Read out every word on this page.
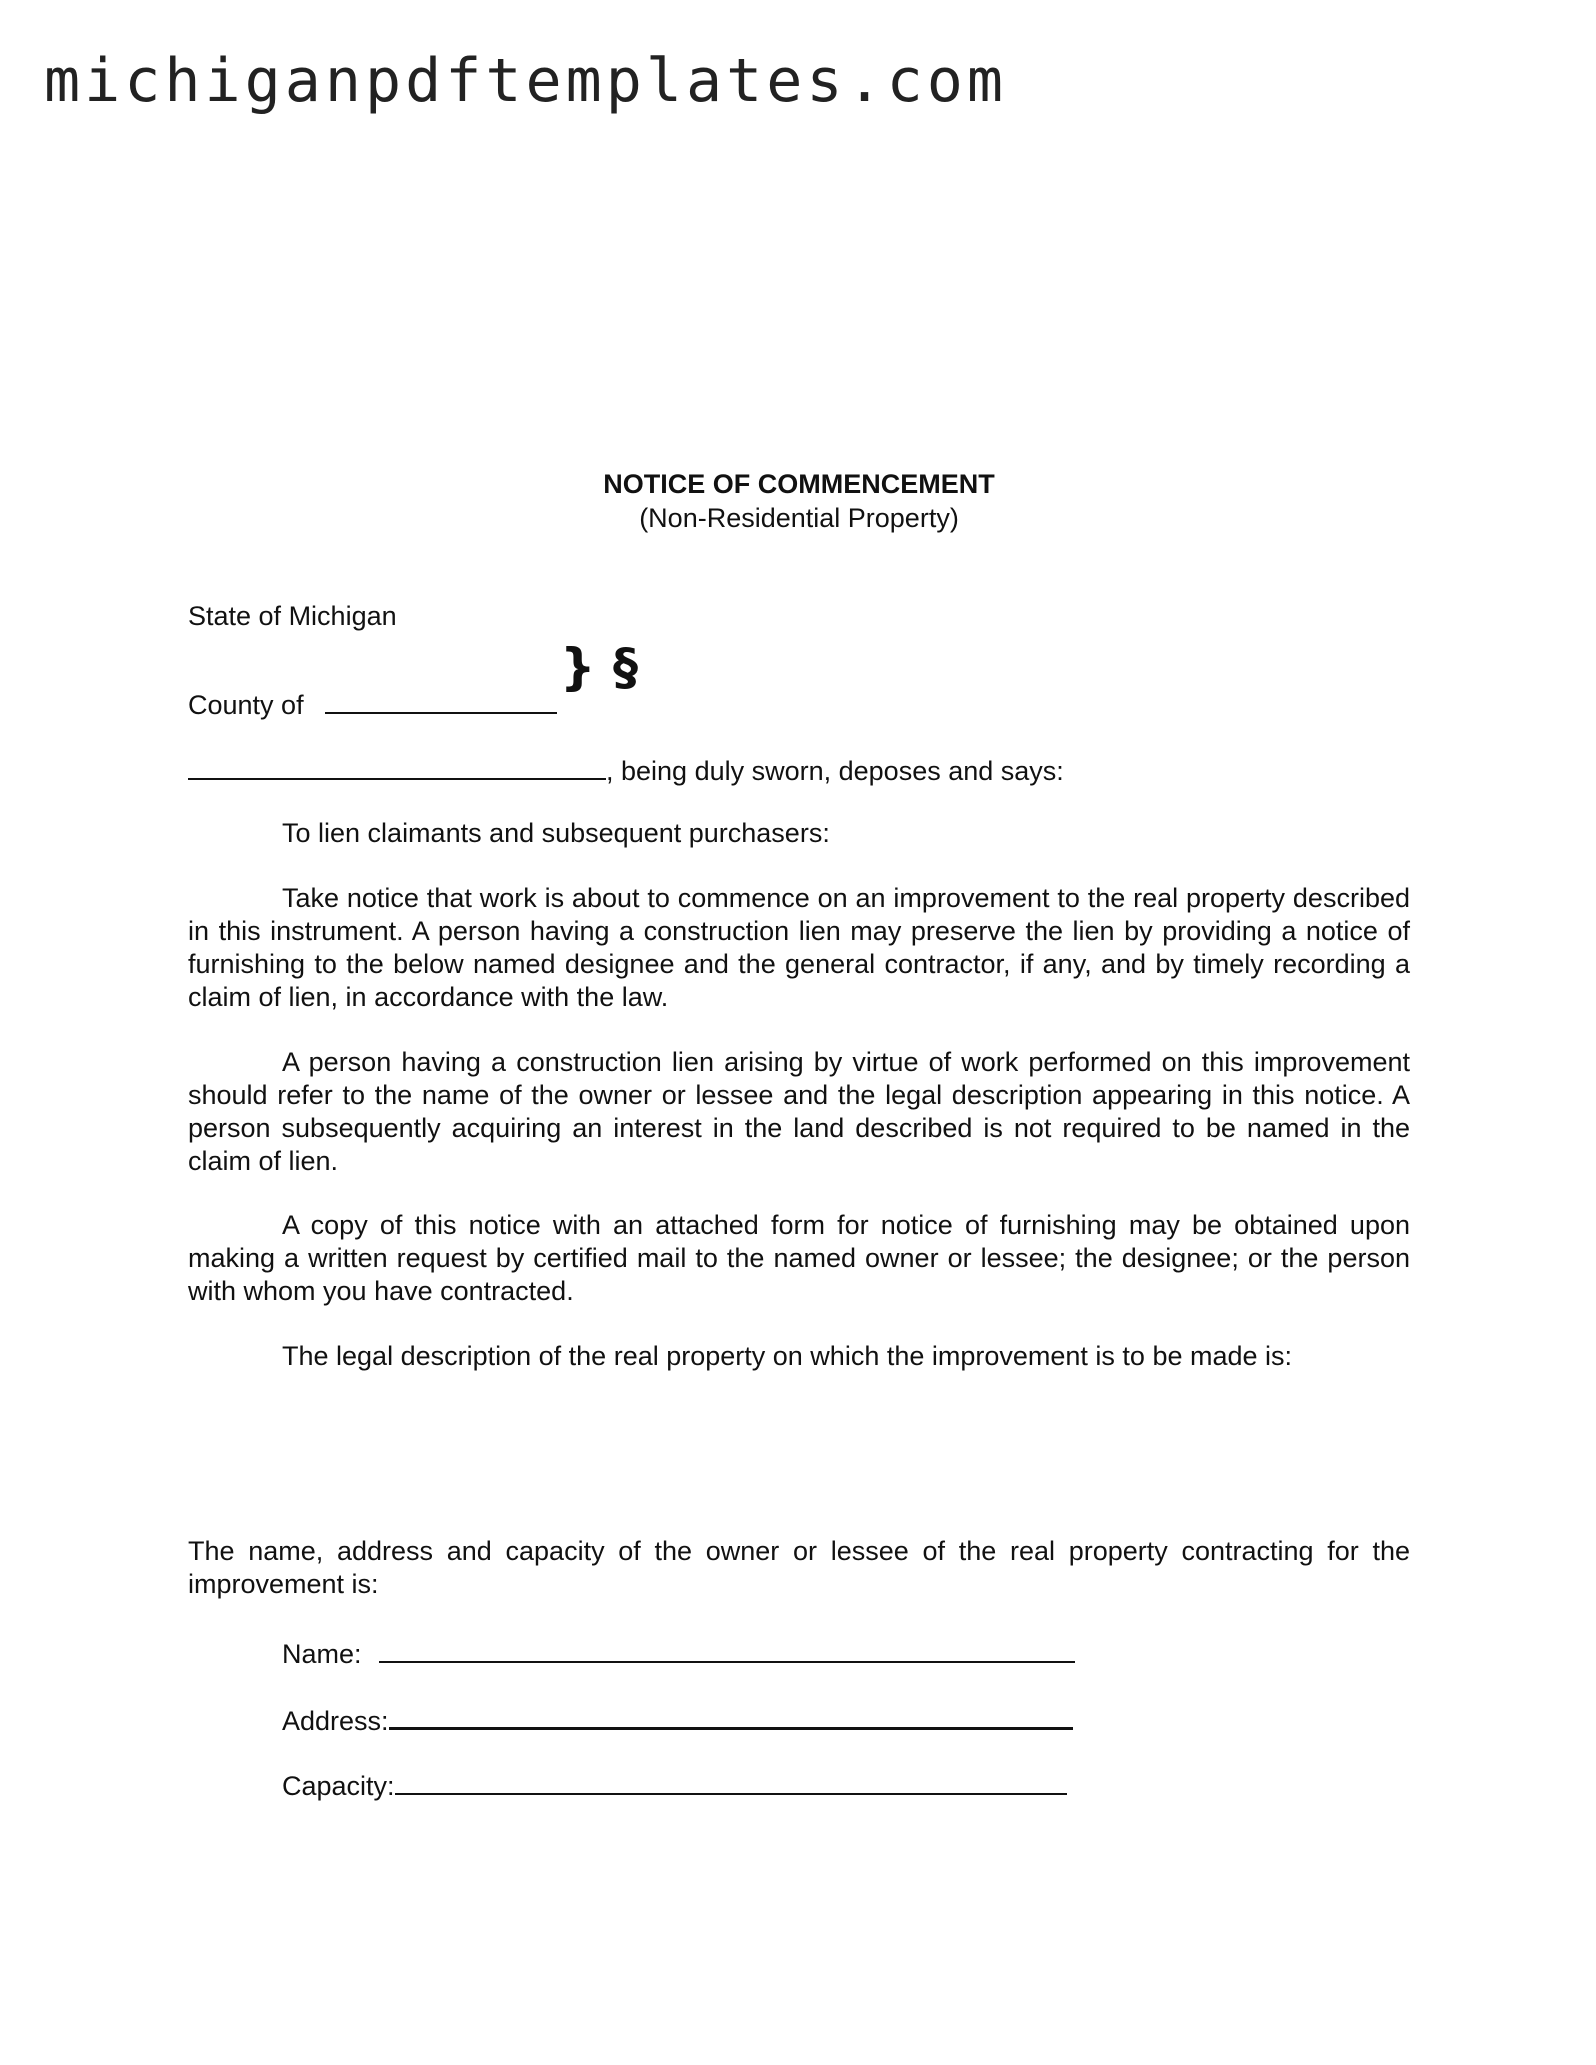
michiganpdftemplates.com
NOTICE OF COMMENCEMENT
(Non-Residential Property)
State of Michigan
} §
County of
, being duly sworn, deposes and says:
To lien claimants and subsequent purchasers:
Take notice that work is about to commence on an improvement to the real property described in this instrument. A person having a construction lien may preserve the lien by providing a notice of furnishing to the below named designee and the general contractor, if any, and by timely recording a claim of lien, in accordance with the law.
A person having a construction lien arising by virtue of work performed on this improvement should refer to the name of the owner or lessee and the legal description appearing in this notice. A person subsequently acquiring an interest in the land described is not required to be named in the claim of lien.
A copy of this notice with an attached form for notice of furnishing may be obtained upon making a written request by certified mail to the named owner or lessee; the designee; or the person with whom you have contracted.
The legal description of the real property on which the improvement is to be made is:
The name, address and capacity of the owner or lessee of the real property contracting for the improvement is:
Name:
Address:
Capacity:
